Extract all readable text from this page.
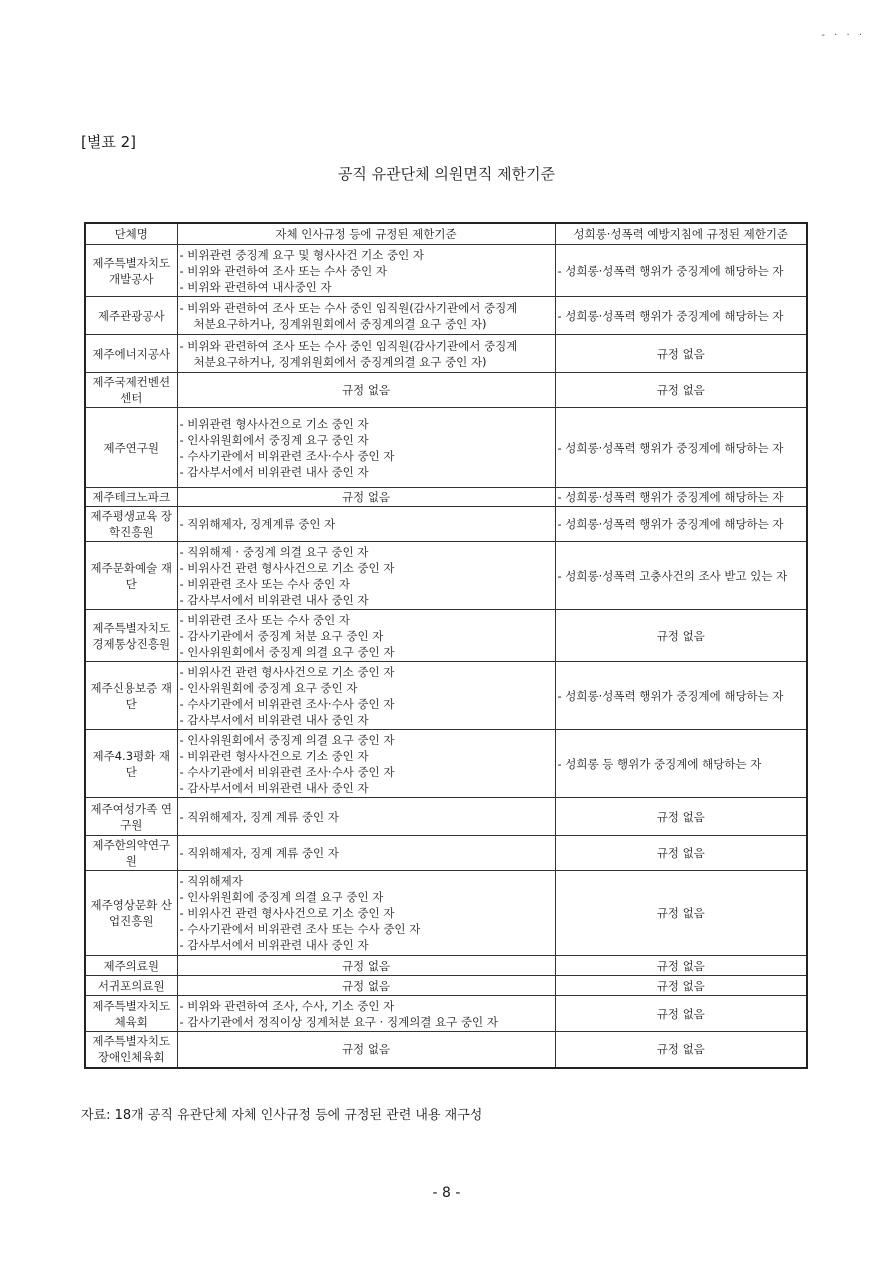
- · · ·
[별표 2]
공직 유관단체 의원면직 제한기준
단체명	자체 인사규정 등에 규정된 제한기준	성희롱·성폭력 예방지침에 규정된 제한기준
제주특별자치도 개발공사	- 비위관련 중징계 요구 및 형사사건 기소 중인 자
- 비위와 관련하여 조사 또는 수사 중인 자
- 비위와 관련하여 내사중인 자	- 성희롱·성폭력 행위가 중징계에 해당하는 자

제주관광공사	- 비위와 관련하여 조사 또는 수사 중인 임직원(감사기관에서 중징계
처분요구하거나, 징계위원회에서 중징계의결 요구 중인 자)	- 성희롱·성폭력 행위가 중징계에 해당하는 자

제주에너지공사	- 비위와 관련하여 조사 또는 수사 중인 임직원(감사기관에서 중징계
처분요구하거나, 징계위원회에서 중징계의결 요구 중인 자)	규정 없음

제주국제컨벤션 센터	규정 없음	규정 없음

제주연구원	- 비위관련 형사사건으로 기소 중인 자
- 인사위원회에서 중징계 요구 중인 자
- 수사기관에서 비위관련 조사·수사 중인 자
- 감사부서에서 비위관련 내사 중인 자	- 성희롱·성폭력 행위가 중징계에 해당하는 자

제주테크노파크	규정 없음	- 성희롱·성폭력 행위가 중징계에 해당하는 자

제주평생교육 장학진흥원	- 직위해제자, 징계계류 중인 자	- 성희롱·성폭력 행위가 중징계에 해당하는 자

제주문화예술 재단	- 직위해제 · 중징계 의결 요구 중인 자
- 비위사건 관련 형사사건으로 기소 중인 자
- 비위관련 조사 또는 수사 중인 자
- 감사부서에서 비위관련 내사 중인 자	- 성희롱·성폭력 고충사건의 조사 받고 있는 자

제주특별자치도 경제통상진흥원	- 비위관련 조사 또는 수사 중인 자
- 감사기관에서 중징계 처분 요구 중인 자
- 인사위원회에서 중징계 의결 요구 중인 자	규정 없음

제주신용보증 재단	- 비위사건 관련 형사사건으로 기소 중인 자
- 인사위원회에 중징계 요구 중인 자
- 수사기관에서 비위관련 조사·수사 중인 자
- 감사부서에서 비위관련 내사 중인 자	- 성희롱·성폭력 행위가 중징계에 해당하는 자

제주4.3평화 재단	- 인사위원회에서 중징계 의결 요구 중인 자
- 비위관련 형사사건으로 기소 중인 자
- 수사기관에서 비위관련 조사·수사 중인 자
- 감사부서에서 비위관련 내사 중인 자	- 성희롱 등 행위가 중징계에 해당하는 자

제주여성가족 연구원	- 직위해제자, 징계 계류 중인 자	규정 없음

제주한의약연구원	- 직위해제자, 징계 계류 중인 자	규정 없음

제주영상문화 산업진흥원	- 직위해제자
- 인사위원회에 중징계 의결 요구 중인 자
- 비위사건 관련 형사사건으로 기소 중인 자
- 수사기관에서 비위관련 조사 또는 수사 중인 자
- 감사부서에서 비위관련 내사 중인 자	규정 없음

제주의료원	규정 없음	규정 없음

서귀포의료원	규정 없음	규정 없음

제주특별자치도 체육회	- 비위와 관련하여 조사, 수사, 기소 중인 자
- 감사기관에서 정직이상 징계처분 요구 · 징계의결 요구 중인 자	규정 없음

제주특별자치도 장애인체육회	규정 없음	규정 없음
자료: 18개 공직 유관단체 자체 인사규정 등에 규정된 관련 내용 재구성
- 8 -
